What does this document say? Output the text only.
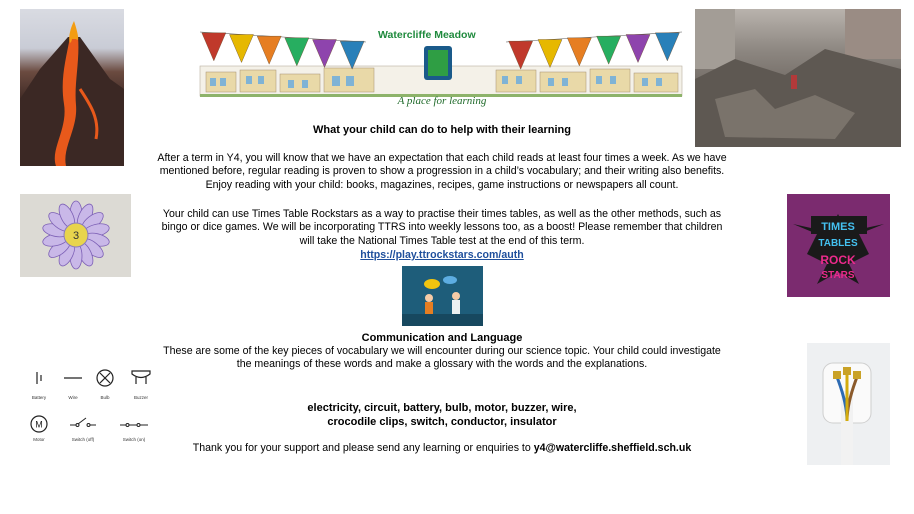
Watercliffe Meadow
A place for learning
3
TIMES
TABLES
ROCK
STARS
What your child can do to help with their learning
After a term in Y4, you will know that we have an expectation that each child reads at least four times a week. As we have
mentioned before, regular reading is proven to show a progression in a child’s vocabulary; and their writing also benefits.
Enjoy reading with your child: books, magazines, recipes, game instructions or newspapers all count.
Your child can use Times Table Rockstars as a way to practise their times tables, as well as the other methods, such as
bingo or dice games. We will be incorporating TTRS into weekly lessons too, as a boost! Please remember that children
will take the National Times Table test at the end of this term.
https://play.ttrockstars.com/auth
Communication and Language
These are some of the key pieces of vocabulary we will encounter during our science topic. Your child could investigate
the meanings of these words and make a glossary with the words and the explanations.
M
Battery	Wire	Bulb	Buzzer
Motor	Switch (off)	Switch (on)
electricity, circuit, battery, bulb, motor, buzzer, wire,
crocodile clips, switch, conductor, insulator
Thank you for your support and please send any learning or enquiries to y4@watercliffe.sheffield.sch.uk
